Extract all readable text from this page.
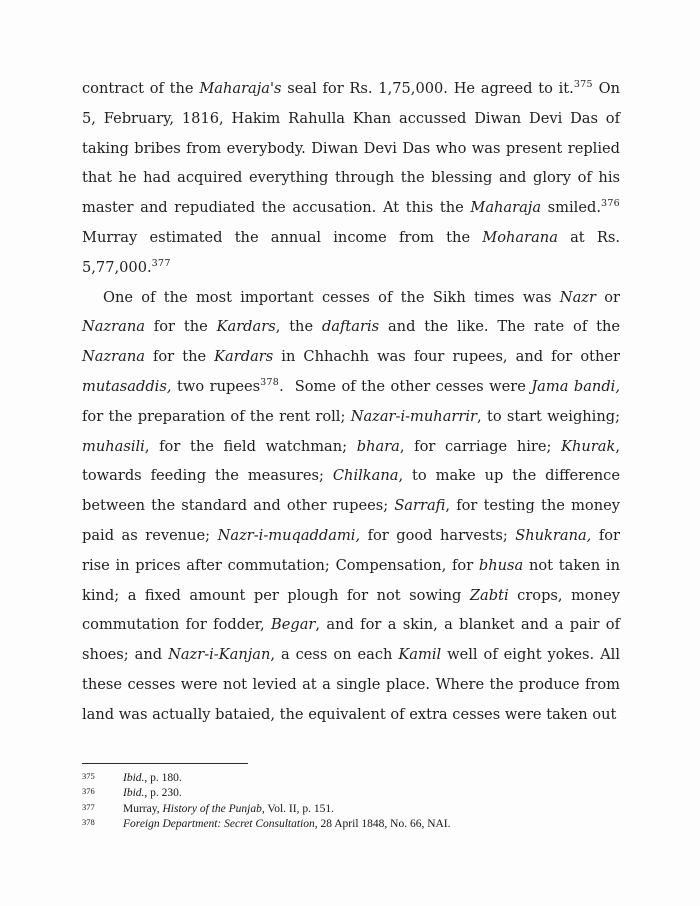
contract of the Maharaja's seal for Rs. 1,75,000. He agreed to it.$^{375}$ On 5, February, 1816, Hakim Rahulla Khan accussed Diwan Devi Das of taking bribes from everybody. Diwan Devi Das who was present replied that he had acquired everything through the blessing and glory of his master and repudiated the accusation. At this the Maharaja smiled.$^{376}$ Murray estimated the annual income from the Moharana at Rs. 5,77,000.$^{377}$

One of the most important cesses of the Sikh times was Nazr or Nazrana for the Kardars, the daftaris and the like. The rate of the Nazrana for the Kardars in Chhachh was four rupees, and for other mutasaddis, two rupees$^{378}$.  Some of the other cesses were Jama bandi, for the preparation of the rent roll; Nazar-i-muharrir, to start weighing; muhasili, for the field watchman; bhara, for carriage hire; Khurak, towards feeding the measures; Chilkana, to make up the difference between the standard and other rupees; Sarrafi, for testing the money paid as revenue; Nazr-i-muqaddami, for good harvests; Shukrana, for rise in prices after commutation; Compensation, for bhusa not taken in kind; a fixed amount per plough for not sowing Zabti crops, money commutation for fodder, Begar, and for a skin, a blanket and a pair of shoes; and Nazr-i-Kanjan, a cess on each Kamil well of eight yokes. All these cesses were not levied at a single place. Where the produce from land was actually bataied, the equivalent of extra cesses were taken out

375	Ibid., p. 180.
376	Ibid., p. 230.
377	Murray, History of the Punjab, Vol. II, p. 151.
378	Foreign Department: Secret Consultation, 28 April 1848, No. 66, NAI.
